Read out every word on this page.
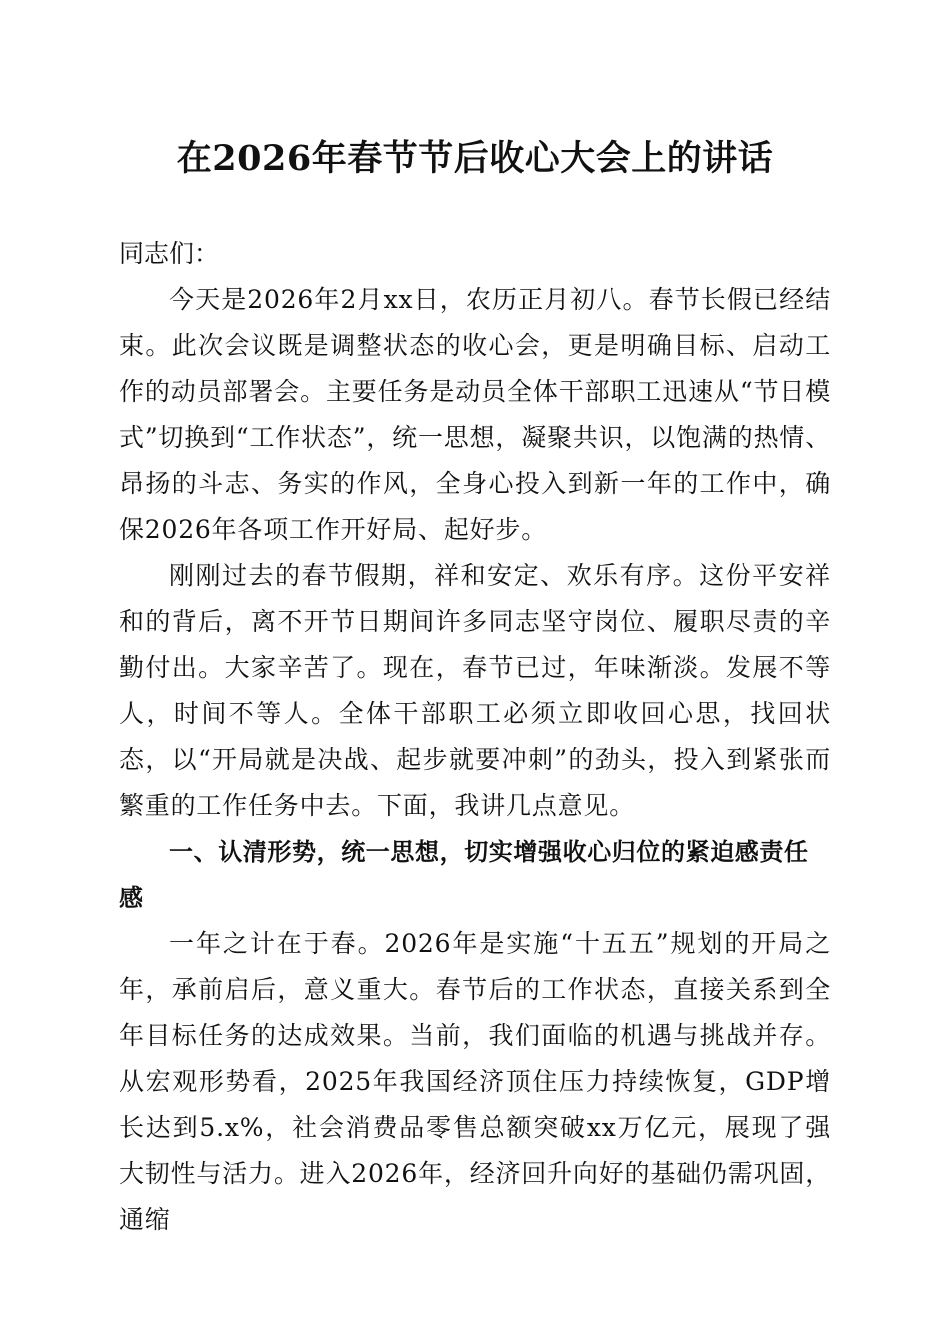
在2026年春节节后收心大会上的讲话

同志们：

今天是2026年2月xx日，农历正月初八。春节长假已经结束。此次会议既是调整状态的收心会，更是明确目标、启动工作的动员部署会。主要任务是动员全体干部职工迅速从“节日模式”切换到“工作状态”，统一思想，凝聚共识，以饱满的热情、昂扬的斗志、务实的作风，全身心投入到新一年的工作中，确保2026年各项工作开好局、起好步。

刚刚过去的春节假期，祥和安定、欢乐有序。这份平安祥和的背后，离不开节日期间许多同志坚守岗位、履职尽责的辛勤付出。大家辛苦了。现在，春节已过，年味渐淡。发展不等人，时间不等人。全体干部职工必须立即收回心思，找回状态，以“开局就是决战、起步就要冲刺”的劲头，投入到紧张而繁重的工作任务中去。下面，我讲几点意见。

一、认清形势，统一思想，切实增强收心归位的紧迫感责任感

一年之计在于春。2026年是实施“十五五”规划的开局之年，承前启后，意义重大。春节后的工作状态，直接关系到全年目标任务的达成效果。当前，我们面临的机遇与挑战并存。从宏观形势看，2025年我国经济顶住压力持续恢复，GDP增长达到5.x%，社会消费品零售总额突破xx万亿元，展现了强大韧性与活力。进入2026年，经济回升向好的基础仍需巩固，通缩
